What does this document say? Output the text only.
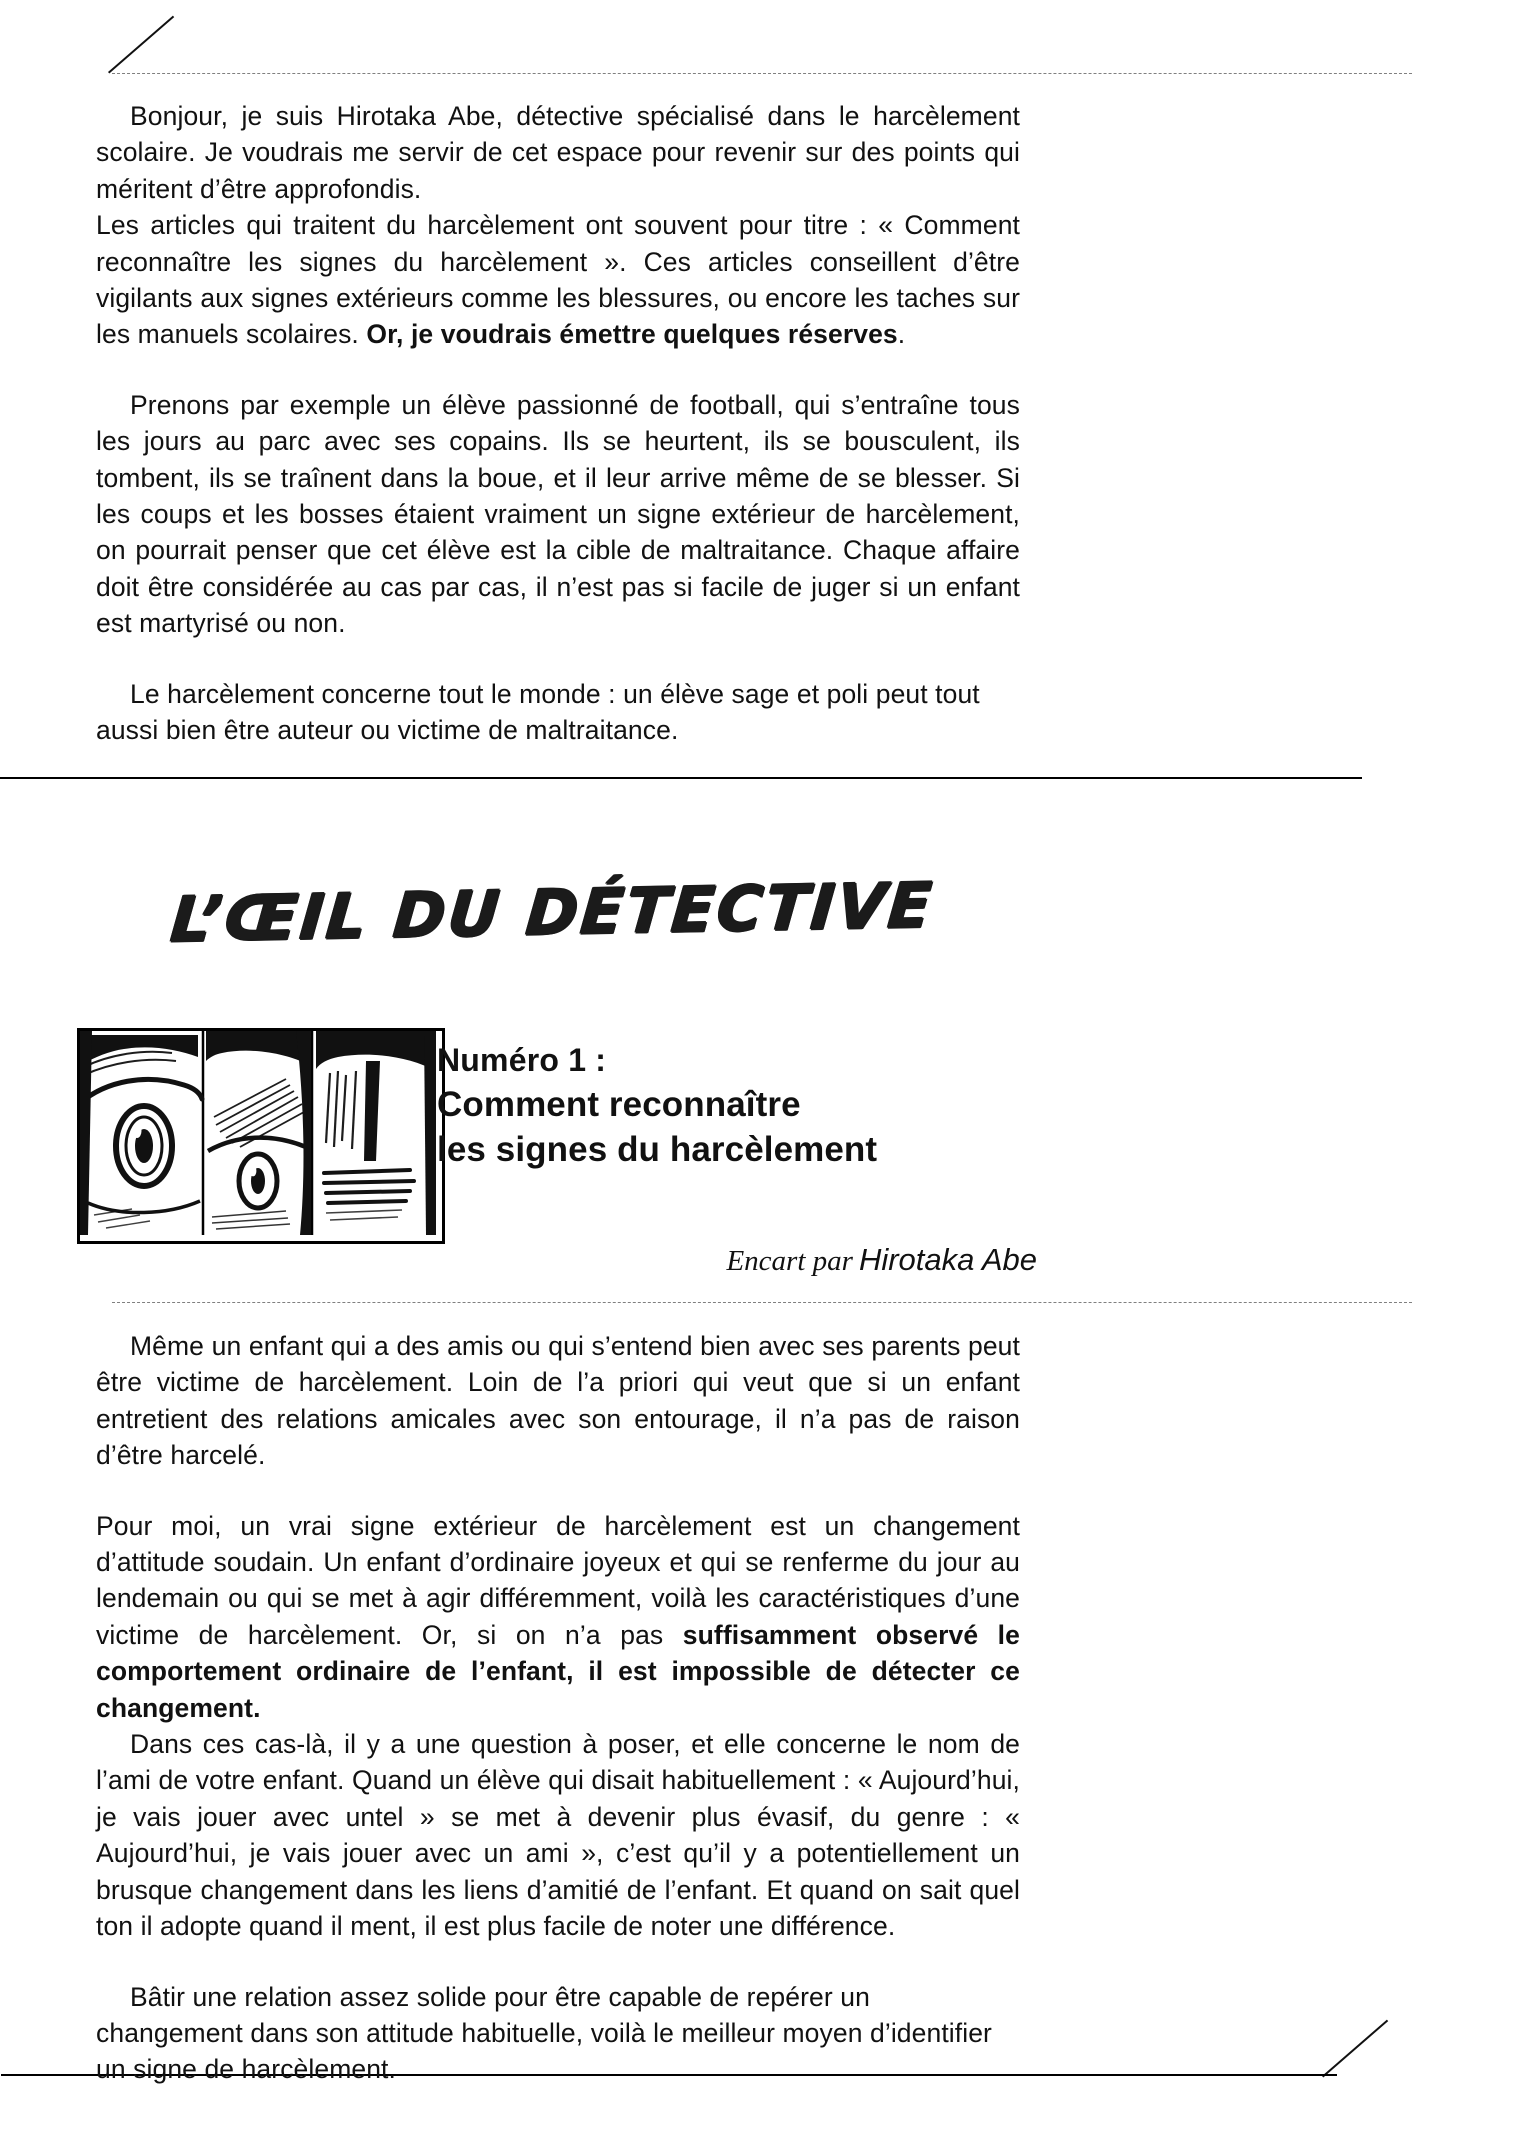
Bonjour, je suis Hirotaka Abe, détective spécialisé dans le harcèlement scolaire. Je voudrais me servir de cet espace pour revenir sur des points qui méritent d’être approfondis.

Les articles qui traitent du harcèlement ont souvent pour titre : « Comment reconnaître les signes du harcèlement ». Ces articles conseillent d’être vigilants aux signes extérieurs comme les blessures, ou encore les taches sur les manuels scolaires. Or, je voudrais émettre quelques réserves.

Prenons par exemple un élève passionné de football, qui s’entraîne tous les jours au parc avec ses copains. Ils se heurtent, ils se bousculent, ils tombent, ils se traînent dans la boue, et il leur arrive même de se blesser. Si les coups et les bosses étaient vraiment un signe extérieur de harcèlement, on pourrait penser que cet élève est la cible de maltraitance. Chaque affaire doit être considérée au cas par cas, il n’est pas si facile de juger si un enfant est martyrisé ou non.

Le harcèlement concerne tout le monde : un élève sage et poli peut tout aussi bien être auteur ou victime de maltraitance.

L’ŒIL DU DÉTECTIVE
Numéro 1 :
Comment reconnaître
les signes du harcèlement
Encart par Hirotaka Abe

Même un enfant qui a des amis ou qui s’entend bien avec ses parents peut être victime de harcèlement. Loin de l’a priori qui veut que si un enfant entretient des relations amicales avec son entourage, il n’a pas de raison d’être harcelé.

Pour moi, un vrai signe extérieur de harcèlement est un changement d’attitude soudain. Un enfant d’ordinaire joyeux et qui se renferme du jour au lendemain ou qui se met à agir différemment, voilà les caractéristiques d’une victime de harcèlement. Or, si on n’a pas suffisamment observé le comportement ordinaire de l’enfant, il est impossible de détecter ce changement.

Dans ces cas-là, il y a une question à poser, et elle concerne le nom de l’ami de votre enfant. Quand un élève qui disait habituellement : « Aujourd’hui, je vais jouer avec untel » se met à devenir plus évasif, du genre : « Aujourd’hui, je vais jouer avec un ami », c’est qu’il y a potentiellement un brusque changement dans les liens d’amitié de l’enfant. Et quand on sait quel ton il adopte quand il ment, il est plus facile de noter une différence.

Bâtir une relation assez solide pour être capable de repérer un changement dans son attitude habituelle, voilà le meilleur moyen d’identifier un signe de harcèlement.
